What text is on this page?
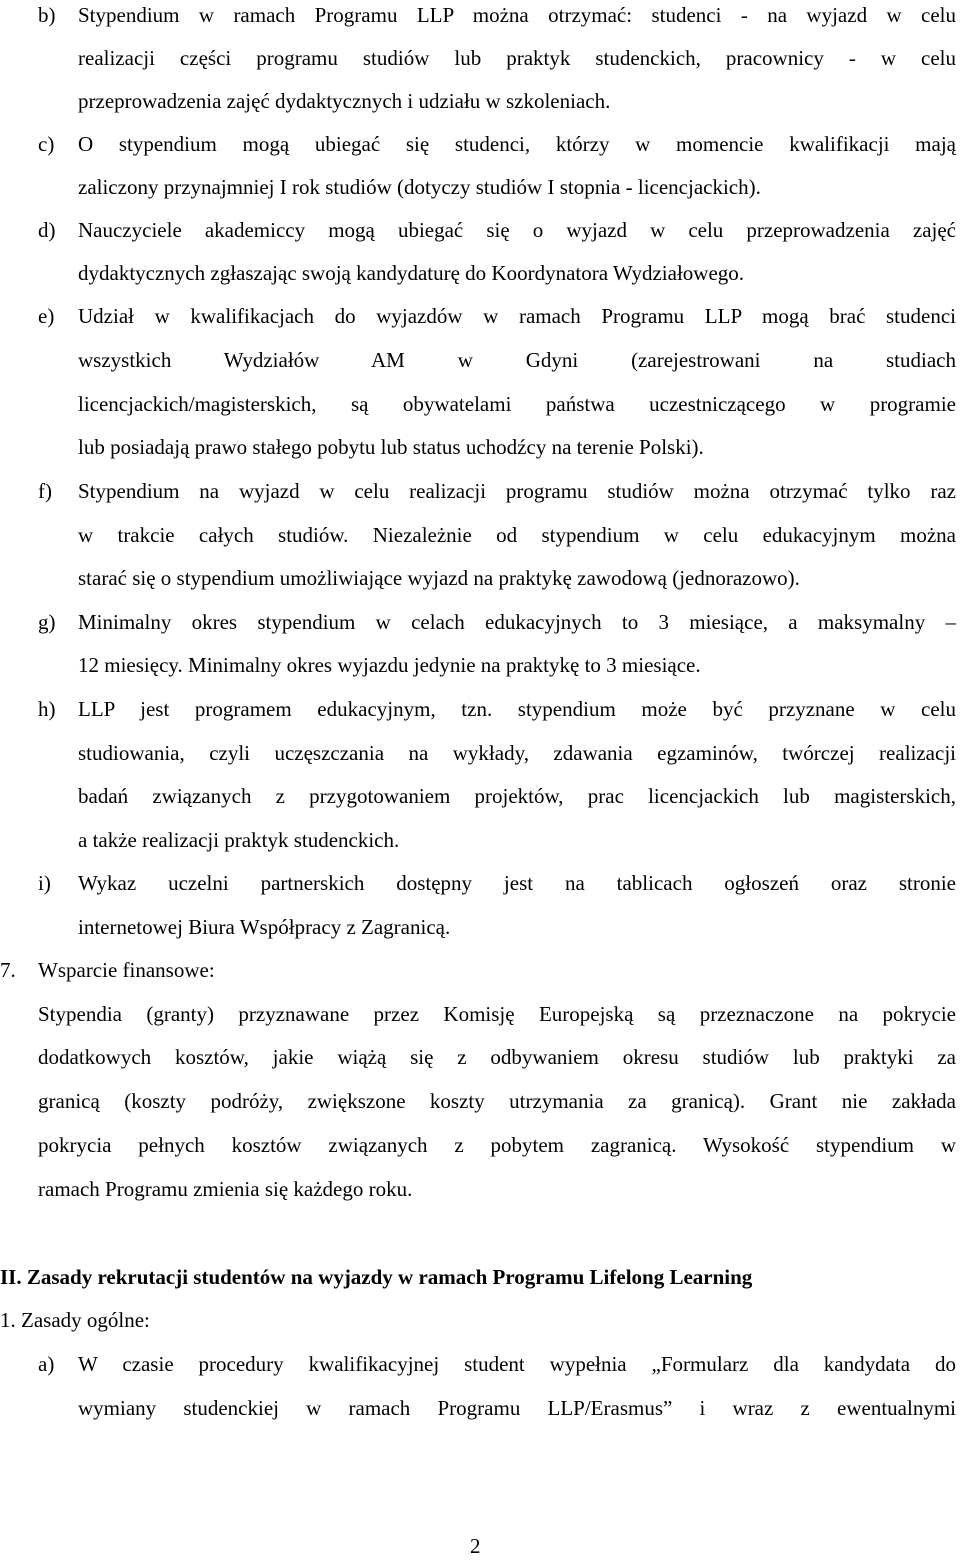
b) Stypendium w ramach Programu LLP można otrzymać: studenci - na wyjazd w celu
realizacji części programu studiów lub praktyk studenckich, pracownicy - w celu
przeprowadzenia zajęć dydaktycznych i udziału w szkoleniach.
c) O stypendium mogą ubiegać się studenci, którzy w momencie kwalifikacji mają
zaliczony przynajmniej I rok studiów (dotyczy studiów I stopnia - licencjackich).
d) Nauczyciele akademiccy mogą ubiegać się o wyjazd w celu przeprowadzenia zajęć
dydaktycznych zgłaszając swoją kandydaturę do Koordynatora Wydziałowego.
e) Udział w kwalifikacjach do wyjazdów w ramach Programu LLP mogą brać studenci
wszystkich Wydziałów AM w Gdyni (zarejestrowani na studiach
licencjackich/magisterskich, są obywatelami państwa uczestniczącego w programie
lub posiadają prawo stałego pobytu lub status uchodźcy na terenie Polski).
f) Stypendium na wyjazd w celu realizacji programu studiów można otrzymać tylko raz
w trakcie całych studiów. Niezależnie od stypendium w celu edukacyjnym można
starać się o stypendium umożliwiające wyjazd na praktykę zawodową (jednorazowo).
g) Minimalny okres stypendium w celach edukacyjnych to 3 miesiące, a maksymalny –
12 miesięcy. Minimalny okres wyjazdu jedynie na praktykę to 3 miesiące.
h) LLP jest programem edukacyjnym, tzn. stypendium może być przyznane w celu
studiowania, czyli uczęszczania na wykłady, zdawania egzaminów, twórczej realizacji
badań związanych z przygotowaniem projektów, prac licencjackich lub magisterskich,
a także realizacji praktyk studenckich.
i) Wykaz uczelni partnerskich dostępny jest na tablicach ogłoszeń oraz stronie
internetowej Biura Współpracy z Zagranicą.
7. Wsparcie finansowe:
Stypendia (granty) przyznawane przez Komisję Europejską są przeznaczone na pokrycie
dodatkowych kosztów, jakie wiążą się z odbywaniem okresu studiów lub praktyki za
granicą (koszty podróży, zwiększone koszty utrzymania za granicą). Grant nie zakłada
pokrycia pełnych kosztów związanych z pobytem zagranicą. Wysokość stypendium w
ramach Programu zmienia się każdego roku.
II. Zasady rekrutacji studentów na wyjazdy w ramach Programu Lifelong Learning
1. Zasady ogólne:
a) W czasie procedury kwalifikacyjnej student wypełnia „Formularz dla kandydata do
wymiany studenckiej w ramach Programu LLP/Erasmus” i wraz z ewentualnymi
2
